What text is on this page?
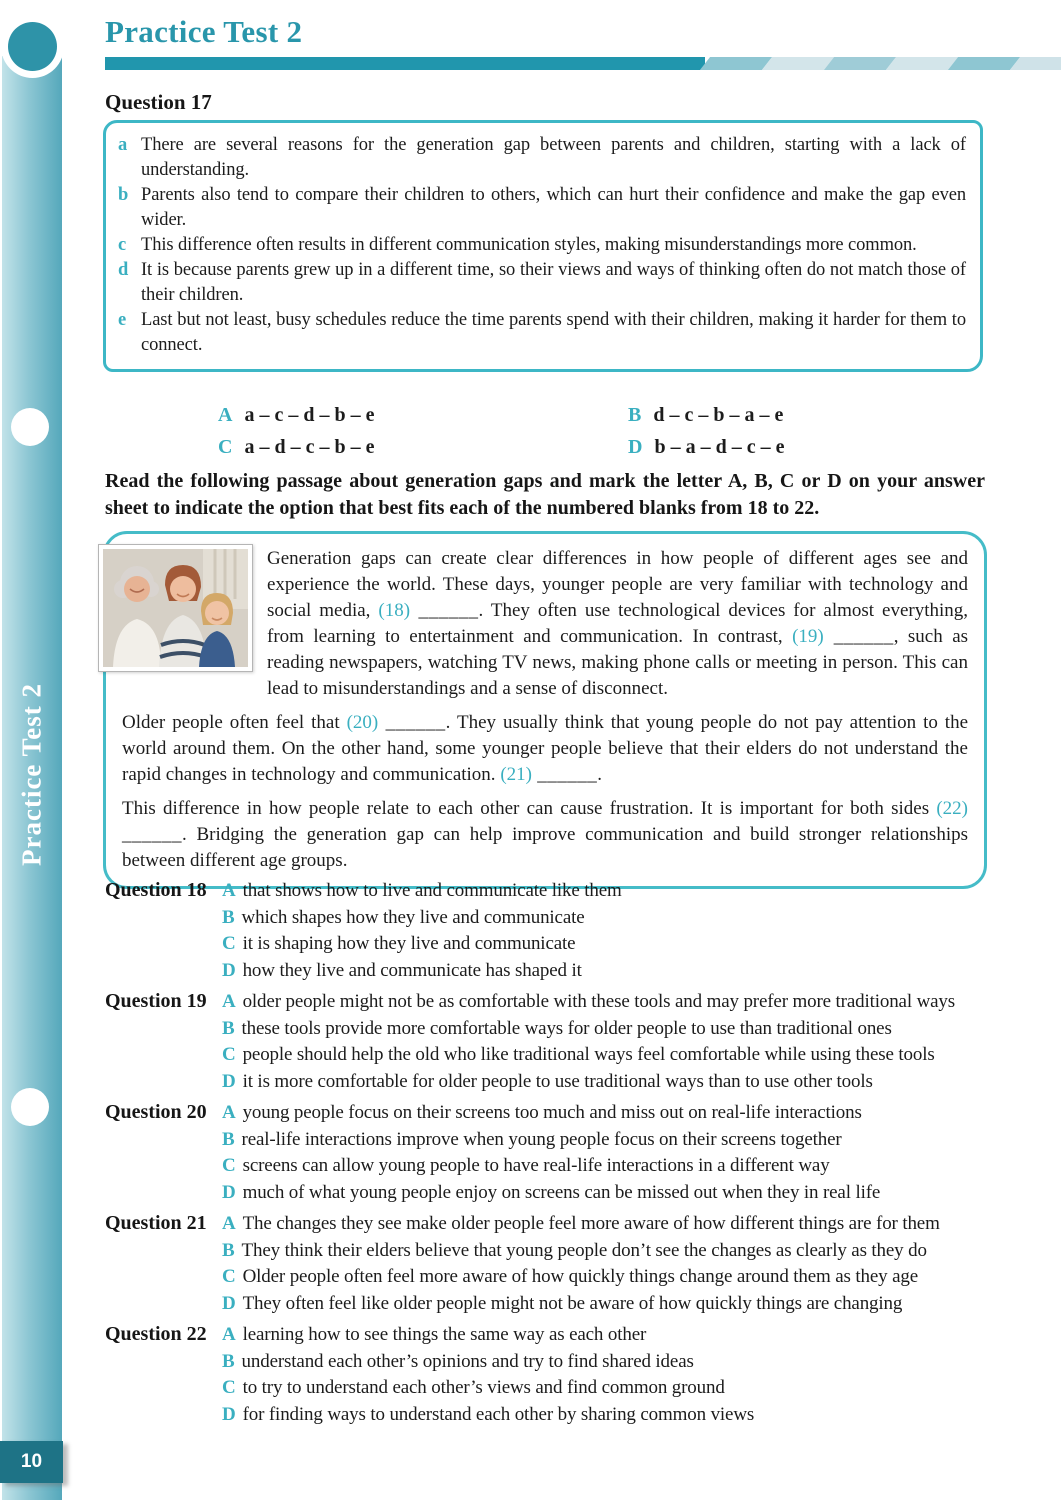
Practice Test 2
10
Practice Test 2
Question 17
a There are several reasons for the generation gap between parents and children, starting with a lack of understanding.
b Parents also tend to compare their children to others, which can hurt their confidence and make the gap even wider.
c This difference often results in different communication styles, making misunderstandings more common.
d It is because parents grew up in a different time, so their views and ways of thinking often do not match those of their children.
e Last but not least, busy schedules reduce the time parents spend with their children, making it harder for them to connect.
A a – c – d – b – e	B d – c – b – a – e
C a – d – c – b – e	D b – a – d – c – e
Read the following passage about generation gaps and mark the letter A, B, C or D on your answer sheet to indicate the option that best fits each of the numbered blanks from 18 to 22.

Generation gaps can create clear differences in how people of different ages see and experience the world. These days, younger people are very familiar with technology and social media, (18) ______. They often use technological devices for almost everything, from learning to entertainment and communication. In contrast, (19) ______, such as reading newspapers, watching TV news, making phone calls or meeting in person. This can lead to misunderstandings and a sense of disconnect.

Older people often feel that (20) ______. They usually think that young people do not pay attention to the world around them. On the other hand, some younger people believe that their elders do not understand the rapid changes in technology and communication. (21) ______.

This difference in how people relate to each other can cause frustration. It is important for both sides (22) ______. Bridging the generation gap can help improve communication and build stronger relationships between different age groups.

Question 18 A that shows how to live and communicate like them
B which shapes how they live and communicate
C it is shaping how they live and communicate
D how they live and communicate has shaped it
Question 19 A older people might not be as comfortable with these tools and may prefer more traditional ways
B these tools provide more comfortable ways for older people to use than traditional ones
C people should help the old who like traditional ways feel comfortable while using these tools
D it is more comfortable for older people to use traditional ways than to use other tools
Question 20 A young people focus on their screens too much and miss out on real-life interactions
B real-life interactions improve when young people focus on their screens together
C screens can allow young people to have real-life interactions in a different way
D much of what young people enjoy on screens can be missed out when they in real life
Question 21 A The changes they see make older people feel more aware of how different things are for them
B They think their elders believe that young people don’t see the changes as clearly as they do
C Older people often feel more aware of how quickly things change around them as they age
D They often feel like older people might not be aware of how quickly things are changing
Question 22 A learning how to see things the same way as each other
B understand each other’s opinions and try to find shared ideas
C to try to understand each other’s views and find common ground
D for finding ways to understand each other by sharing common views
